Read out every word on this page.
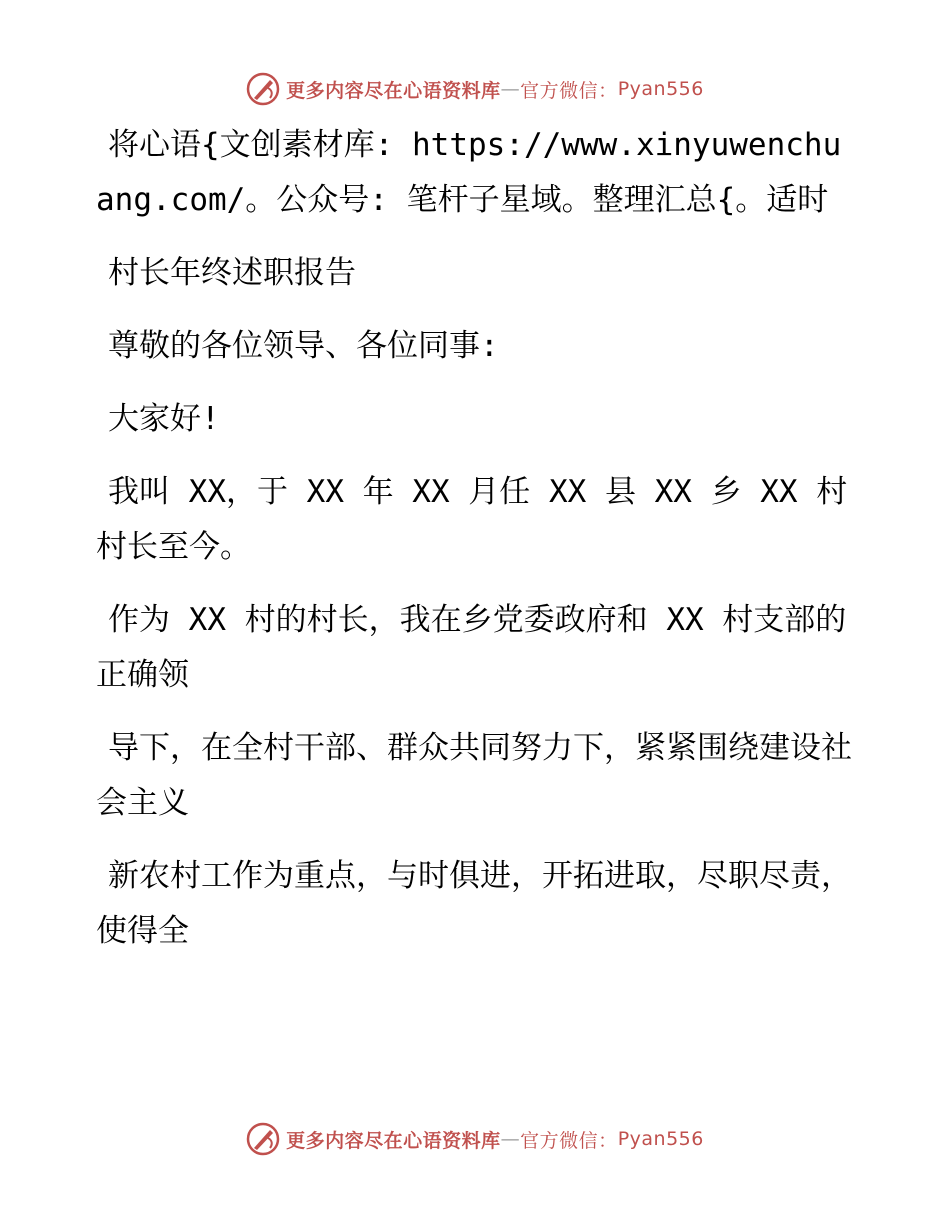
更多内容尽在心语资料库 — 官方微信： Pyan556

将心语{文创素材库: https://www.xinyuwenchuang.com/。公众号: 笔杆子星域。整理汇总{。适时

村长年终述职报告

尊敬的各位领导、各位同事:

大家好!

我叫 XX，于 XX 年 XX 月任 XX 县 XX 乡 XX 村村长至今。

作为 XX 村的村长，我在乡党委政府和 XX 村支部的正确领

导下，在全村干部、群众共同努力下，紧紧围绕建设社会主义

新农村工作为重点，与时俱进，开拓进取，尽职尽责，使得全

更多内容尽在心语资料库 — 官方微信： Pyan556
